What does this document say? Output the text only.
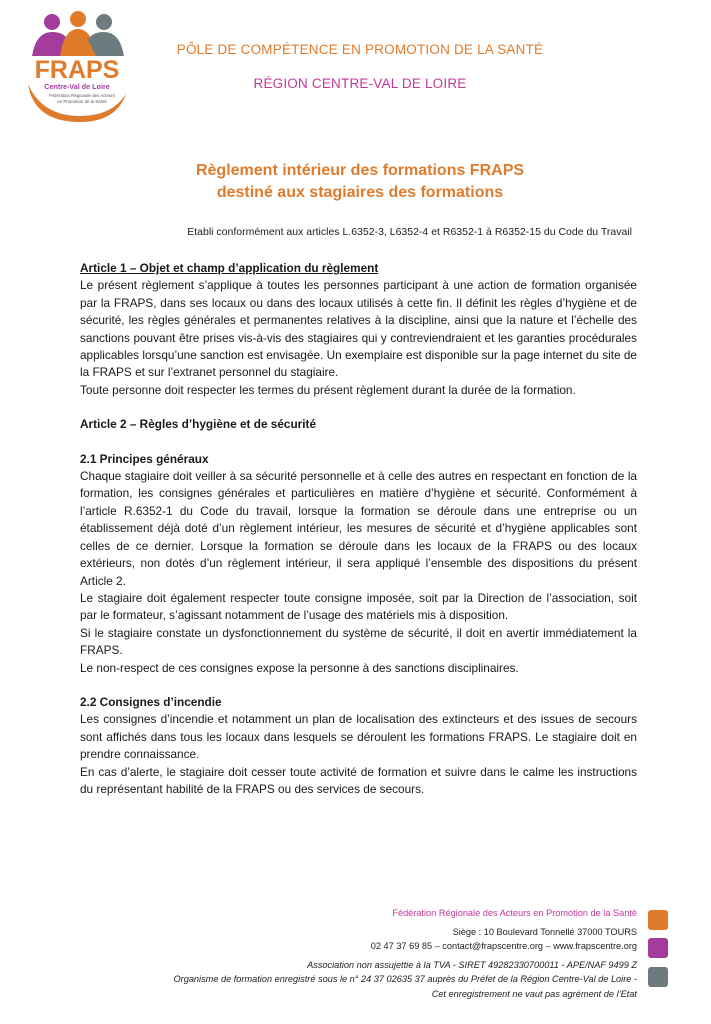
FRAPS
Centre-Val de Loire
Fédération Régionale des Acteurs
en Promotion de la Santé
PÔLE DE COMPÉTENCE EN PROMOTION DE LA SANTÉ
RÉGION CENTRE-VAL DE LOIRE
Règlement intérieur des formations FRAPS
destiné aux stagiaires des formations
Etabli conformément aux articles L.6352-3, L6352-4 et R6352-1 à R6352-15 du Code du Travail
Article 1 – Objet et champ d’application du règlement

Le présent règlement s’applique à toutes les personnes participant à une action de formation organisée par la FRAPS, dans ses locaux ou dans des locaux utilisés à cette fin. Il définit les règles d’hygiène et de sécurité, les règles générales et permanentes relatives à la discipline, ainsi que la nature et l’échelle des sanctions pouvant être prises vis-à-vis des stagiaires qui y contreviendraient et les garanties procédurales applicables lorsqu’une sanction est envisagée. Un exemplaire est disponible sur la page internet du site de la FRAPS et sur l’extranet personnel du stagiaire.

Toute personne doit respecter les termes du présent règlement durant la durée de la formation.

Article 2 – Règles d’hygiène et de sécurité
2.1 Principes généraux

Chaque stagiaire doit veiller à sa sécurité personnelle et à celle des autres en respectant en fonction de la formation, les consignes générales et particulières en matière d’hygiène et sécurité. Conformément à l’article R.6352-1 du Code du travail, lorsque la formation se déroule dans une entreprise ou un établissement déjà doté d’un règlement intérieur, les mesures de sécurité et d’hygiène applicables sont celles de ce dernier. Lorsque la formation se déroule dans les locaux de la FRAPS ou des locaux extérieurs, non dotés d’un règlement intérieur, il sera appliqué l’ensemble des dispositions du présent Article 2.

Le stagiaire doit également respecter toute consigne imposée, soit par la Direction de l’association, soit par le formateur, s’agissant notamment de l’usage des matériels mis à disposition.

Si le stagiaire constate un dysfonctionnement du système de sécurité, il doit en avertir immédiatement la FRAPS.

Le non-respect de ces consignes expose la personne à des sanctions disciplinaires.

2.2 Consignes d’incendie

Les consignes d’incendie et notamment un plan de localisation des extincteurs et des issues de secours sont affichés dans tous les locaux dans lesquels se déroulent les formations FRAPS. Le stagiaire doit en prendre connaissance.

En cas d’alerte, le stagiaire doit cesser toute activité de formation et suivre dans le calme les instructions du représentant habilité de la FRAPS ou des services de secours.

Fédération Régionale des Acteurs en Promotion de la Santé
Siège : 10 Boulevard Tonnellé 37000 TOURS
02 47 37 69 85 – contact@frapscentre.org – www.frapscentre.org
Association non assujettie à la TVA - SIRET 49282330700011 - APE/NAF 9499 Z
Organisme de formation enregistré sous le n° 24 37 02635 37 auprès du Préfet de la Région Centre-Val de Loire -
Cet enregistrement ne vaut pas agrément de l’Etat
